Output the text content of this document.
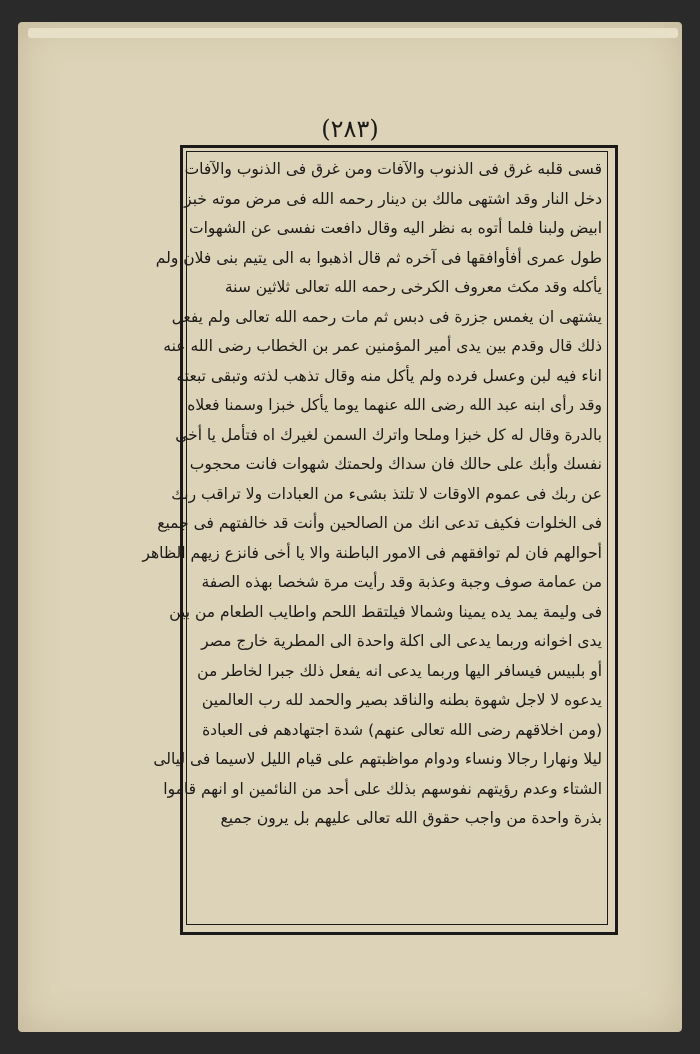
(٢٨٣)
قسى قلبه غرق فى الذنوب والآفات ومن غرق فى الذنوب والآفات
دخل النار وقد اشتهى مالك بن دينار رحمه الله فى مرض موته خبزا
ابيض ولبنا فلما أتوه به نظر اليه وقال دافعت نفسى عن الشهوات
طول عمرى أفأوافقها فى آخره ثم قال اذهبوا به الى يتيم بنى فلان ولم
يأكله وقد مكث معروف الكرخى رحمه الله تعالى ثلاثين سنة
يشتهى ان يغمس جزرة فى دبس ثم مات رحمه الله تعالى ولم يفعل
ذلك قال وقدم بين يدى أمير المؤمنين عمر بن الخطاب رضى الله عنه
اناء فيه لبن وعسل فرده ولم يأكل منه وقال تذهب لذته وتبقى تبعته
وقد رأى ابنه عبد الله رضى الله عنهما يوما يأكل خبزا وسمنا فعلاه
بالدرة وقال له كل خبزا وملحا واترك السمن لغيرك اه فتأمل يا أخى
نفسك وأبك على حالك فان سداك ولحمتك شهوات فانت محجوب
عن ربك فى عموم الاوقات لا تلتذ بشىء من العبادات ولا تراقب ربك
فى الخلوات فكيف تدعى انك من الصالحين وأنت قد خالفتهم فى جميع
أحوالهم فان لم توافقهم فى الامور الباطنة والا يا أخى فانزع زيهم الظاهر
من عمامة صوف وجبة وعذبة وقد رأيت مرة شخصا بهذه الصفة
فى وليمة يمد يده يمينا وشمالا فيلتقط اللحم واطايب الطعام من بين
يدى اخوانه وربما يدعى الى اكلة واحدة الى المطرية خارج مصر
أو بلبيس فيسافر اليها وربما يدعى انه يفعل ذلك جبرا لخاطر من
يدعوه لا لاجل شهوة بطنه والناقد بصير والحمد لله رب العالمين
(ومن اخلاقهم رضى الله تعالى عنهم) شدة اجتهادهم فى العبادة
ليلا ونهارا رجالا ونساء ودوام مواظبتهم على قيام الليل لاسيما فى ليالى
الشتاء وعدم رؤيتهم نفوسهم بذلك على أحد من النائمين او انهم قاموا
بذرة واحدة من واجب حقوق الله تعالى عليهم بل يرون جميع
